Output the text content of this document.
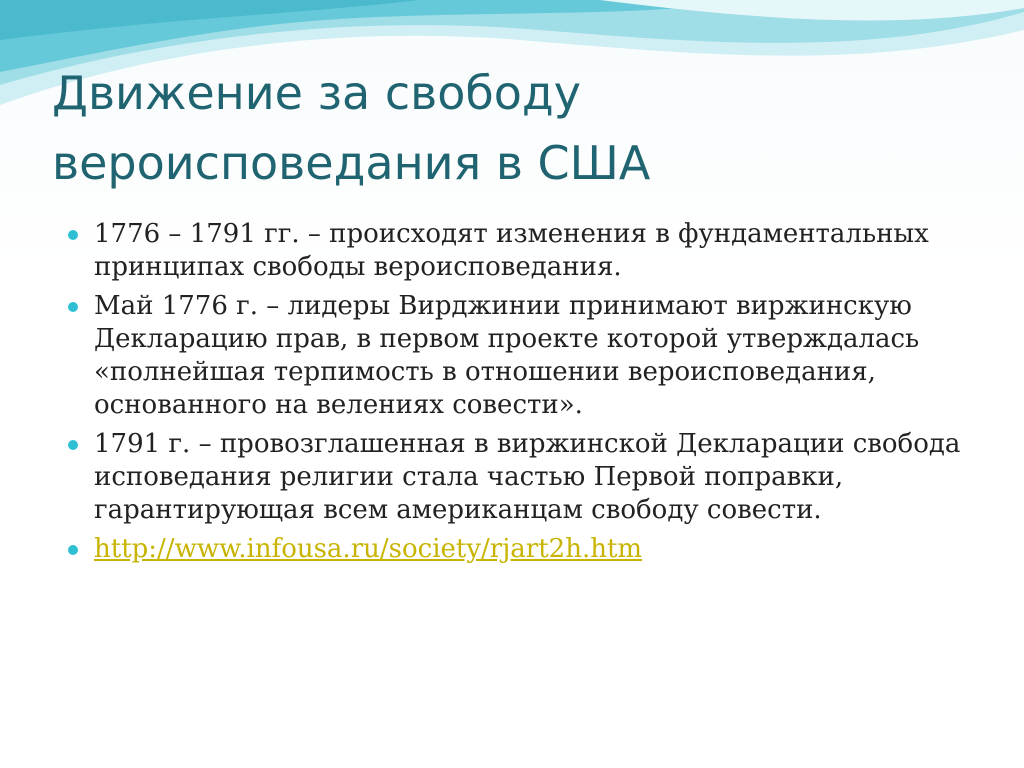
Движение за свободу
вероисповедания в США
1776 – 1791 гг. – происходят изменения в фундаментальных принципах свободы вероисповедания.
Май 1776 г. – лидеры Вирджинии принимают виржинскую Декларацию прав, в первом проекте которой утверждалась «полнейшая терпимость в отношении вероисповедания, основанного на велениях совести».
1791 г. – провозглашенная в виржинской Декларации свобода исповедания религии стала частью Первой поправки, гарантирующая всем американцам свободу совести.
http://www.infousa.ru/society/rjart2h.htm
